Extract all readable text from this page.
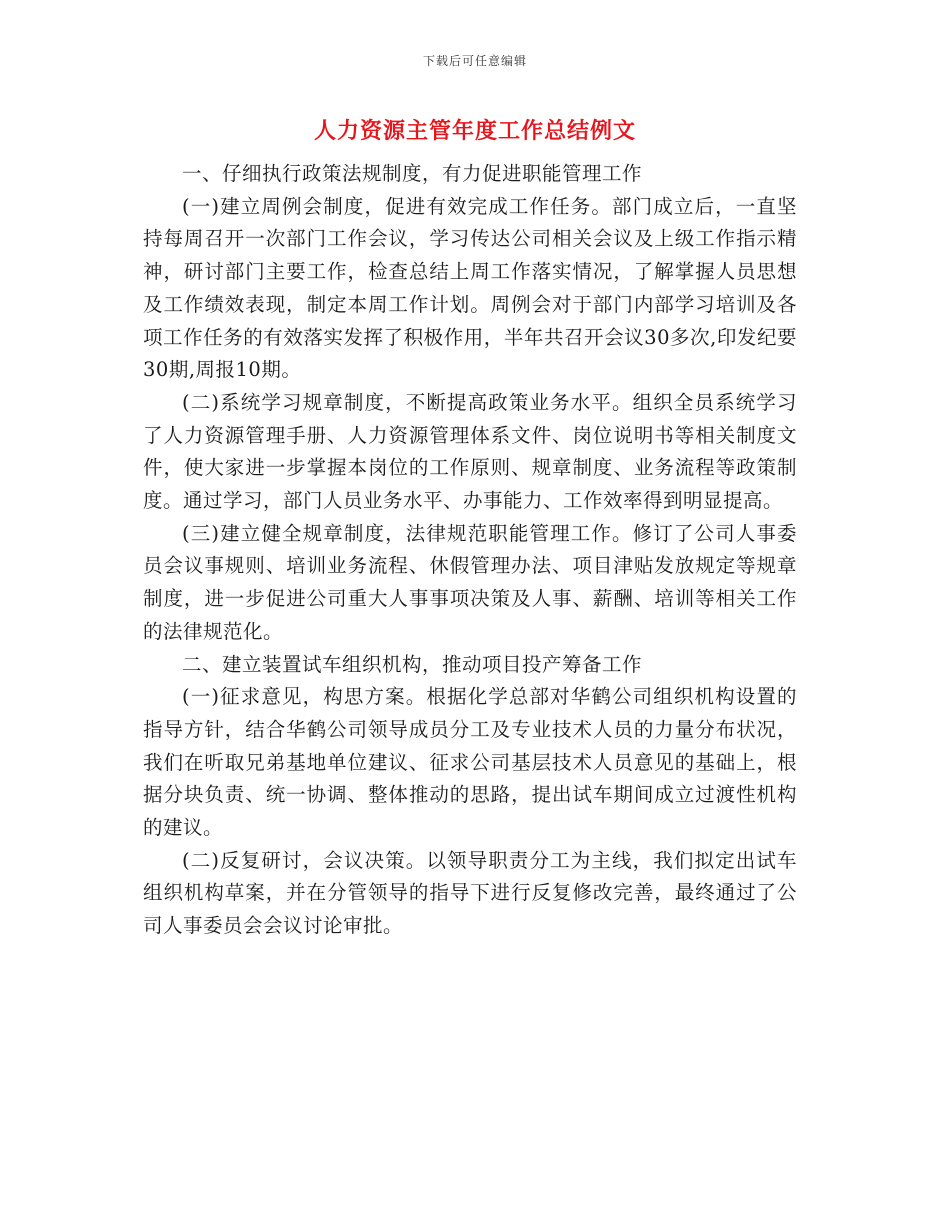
下载后可任意编辑
人力资源主管年度工作总结例文

一、仔细执行政策法规制度，有力促进职能管理工作

(一)建立周例会制度，促进有效完成工作任务。部门成立后，一直坚持每周召开一次部门工作会议，学习传达公司相关会议及上级工作指示精神，研讨部门主要工作，检查总结上周工作落实情况，了解掌握人员思想及工作绩效表现，制定本周工作计划。周例会对于部门内部学习培训及各项工作任务的有效落实发挥了积极作用，半年共召开会议30多次,印发纪要30期,周报10期。

(二)系统学习规章制度，不断提高政策业务水平。组织全员系统学习了人力资源管理手册、人力资源管理体系文件、岗位说明书等相关制度文件，使大家进一步掌握本岗位的工作原则、规章制度、业务流程等政策制度。通过学习，部门人员业务水平、办事能力、工作效率得到明显提高。

(三)建立健全规章制度，法律规范职能管理工作。修订了公司人事委员会议事规则、培训业务流程、休假管理办法、项目津贴发放规定等规章制度，进一步促进公司重大人事事项决策及人事、薪酬、培训等相关工作的法律规范化。

二、建立装置试车组织机构，推动项目投产筹备工作

(一)征求意见，构思方案。根据化学总部对华鹤公司组织机构设置的指导方针，结合华鹤公司领导成员分工及专业技术人员的力量分布状况，我们在听取兄弟基地单位建议、征求公司基层技术人员意见的基础上，根据分块负责、统一协调、整体推动的思路，提出试车期间成立过渡性机构的建议。

(二)反复研讨，会议决策。以领导职责分工为主线，我们拟定出试车组织机构草案，并在分管领导的指导下进行反复修改完善，最终通过了公司人事委员会会议讨论审批。
